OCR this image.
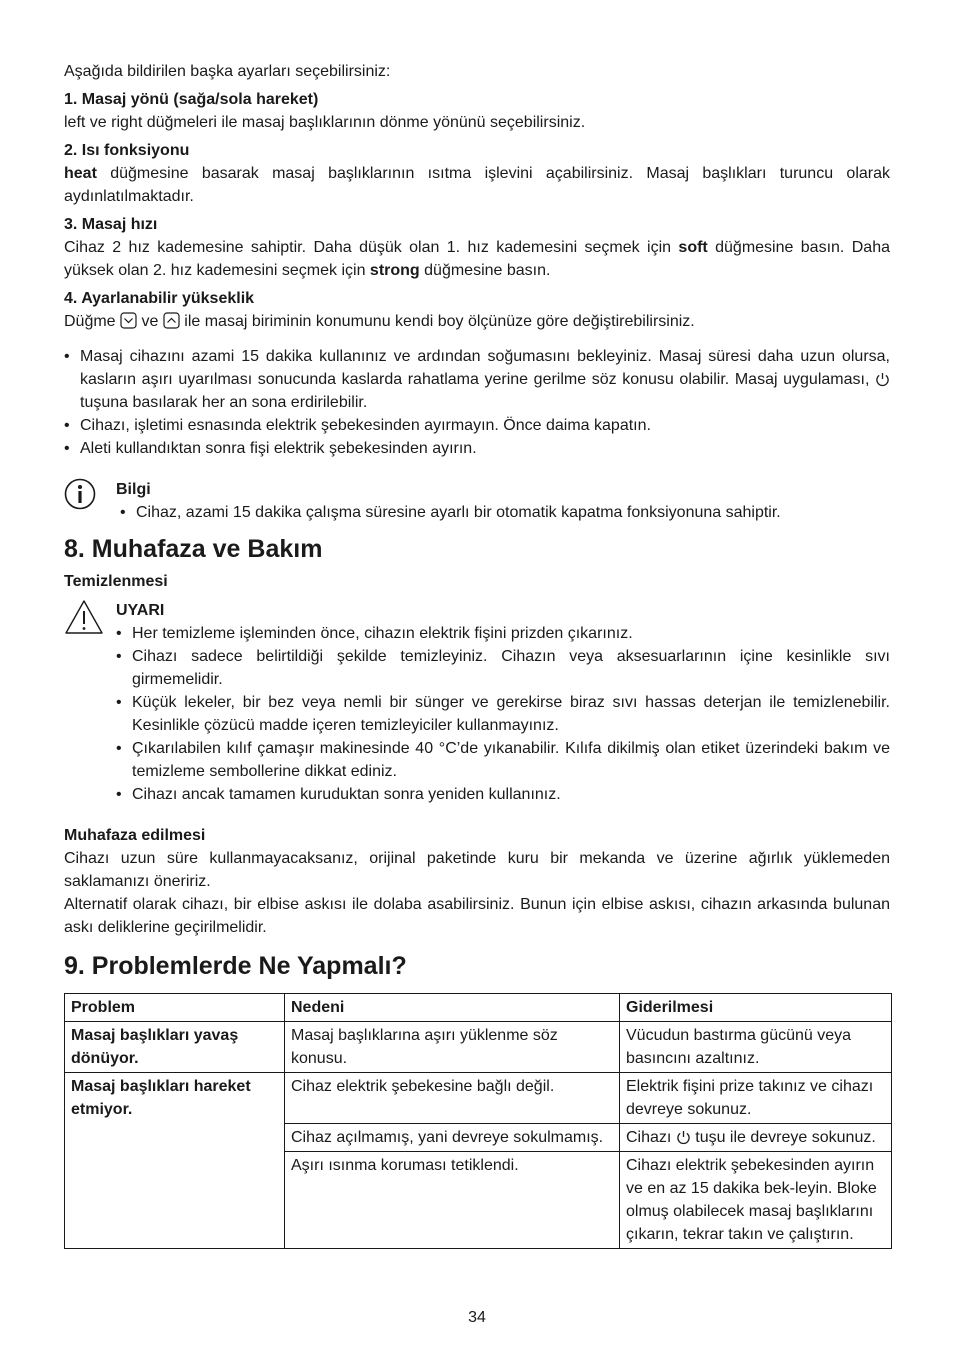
Aşağıda bildirilen başka ayarları seçebilirsiniz:

1. Masaj yönü (sağa/sola hareket)

left ve right düğmeleri ile masaj başlıklarının dönme yönünü seçebilirsiniz.

2. Isı fonksiyonu

heat düğmesine basarak masaj başlıklarının ısıtma işlevini açabilirsiniz. Masaj başlıkları turuncu olarak aydınlatılmaktadır.

3. Masaj hızı

Cihaz 2 hız kademesine sahiptir. Daha düşük olan 1. hız kademesini seçmek için soft düğmesine basın. Daha yüksek olan 2. hız kademesini seçmek için strong düğmesine basın.

4. Ayarlanabilir yükseklik

Düğme  ve  ile masaj biriminin konumunu kendi boy ölçünüze göre değiştirebilirsiniz.

• Masaj cihazını azami 15 dakika kullanınız ve ardından soğumasını bekleyiniz. Masaj süresi daha uzun olursa, kasların aşırı uyarılması sonucunda kaslarda rahatlama yerine gerilme söz konusu olabilir. Masaj uygulaması,  tuşuna basılarak her an sona erdirilebilir.

• Cihazı, işletimi esnasında elektrik şebekesinden ayırmayın. Önce daima kapatın.

• Aleti kullandıktan sonra fişi elektrik şebekesinden ayırın.

Bilgi

• Cihaz, azami 15 dakika çalışma süresine ayarlı bir otomatik kapatma fonksiyonuna sahiptir.

8. Muhafaza ve Bakım

Temizlenmesi

UYARI

• Her temizleme işleminden önce, cihazın elektrik fişini prizden çıkarınız.

• Cihazı sadece belirtildiği şekilde temizleyiniz. Cihazın veya aksesuarlarının içine kesinlikle sıvı girmemelidir.

• Küçük lekeler, bir bez veya nemli bir sünger ve gerekirse biraz sıvı hassas deterjan ile temizlenebilir. Kesinlikle çözücü madde içeren temizleyiciler kullanmayınız.

• Çıkarılabilen kılıf çamaşır makinesinde 40 °C’de yıkanabilir. Kılıfa dikilmiş olan etiket üzerindeki bakım ve temizleme sembollerine dikkat ediniz.

• Cihazı ancak tamamen kuruduktan sonra yeniden kullanınız.

Muhafaza edilmesi

Cihazı uzun süre kullanmayacaksanız, orijinal paketinde kuru bir mekanda ve üzerine ağırlık yüklemeden saklamanızı öneririz.

Alternatif olarak cihazı, bir elbise askısı ile dolaba asabilirsiniz. Bunun için elbise askısı, cihazın arkasında bulunan askı deliklerine geçirilmelidir.

9. Problemlerde Ne Yapmalı?

Problem	Nedeni	Giderilmesi
Masaj başlıkları yavaş dönüyor.	Masaj başlıklarına aşırı yüklenme söz konusu.	Vücudun bastırma gücünü veya basıncını azaltınız.
Masaj başlıkları hareket etmiyor.	Cihaz elektrik şebekesine bağlı değil.	Elektrik fişini prize takınız ve cihazı devreye sokunuz.
	Cihaz açılmamış, yani devreye sokulmamış.	Cihazı  tuşu ile devreye sokunuz.
	Aşırı ısınma koruması tetiklendi.	Cihazı elektrik şebekesinden ayırın ve en az 15 dakika bek-leyin. Bloke olmuş olabilecek masaj başlıklarını çıkarın, tekrar takın ve çalıştırın.
34
